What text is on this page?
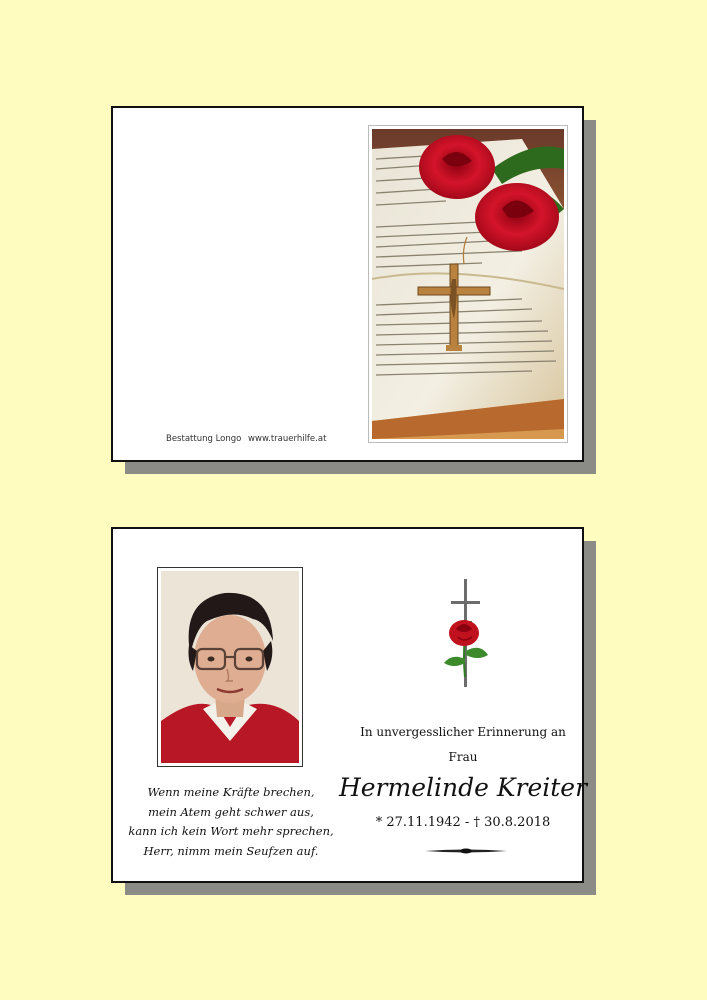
Bestattung Longo www.trauerhilfe.at
Wenn meine Kräfte brechen,
mein Atem geht schwer aus,
kann ich kein Wort mehr sprechen,
Herr, nimm mein Seufzen auf.
In unvergesslicher Erinnerung an
Frau
Hermelinde Kreiter
* 27.11.1942 - † 30.8.2018
